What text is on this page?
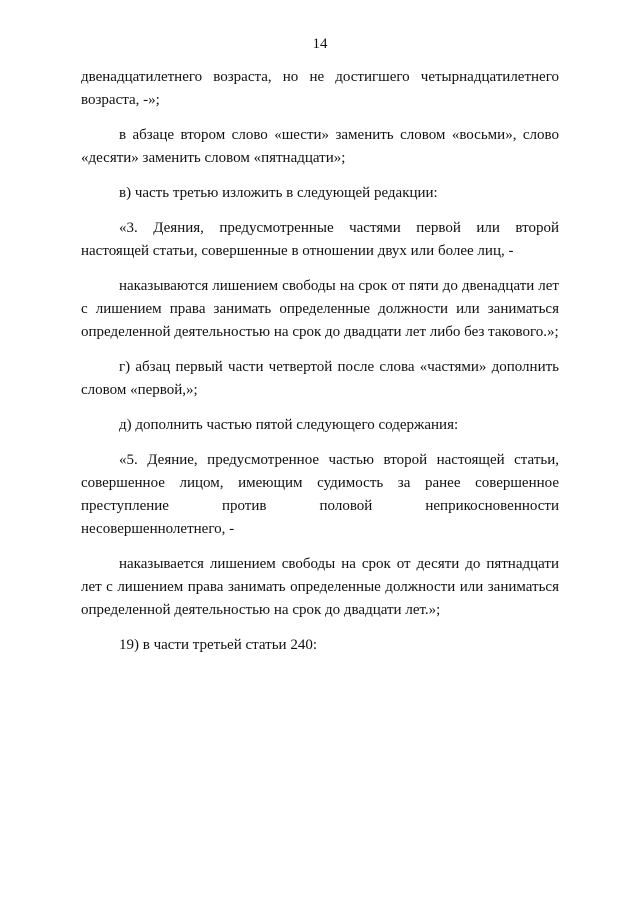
14

двенадцатилетнего возраста, но не достигшего четырнадцатилетнего возраста, -»;

в абзаце втором слово «шести» заменить словом «восьми», слово «десяти» заменить словом «пятнадцати»;

в) часть третью изложить в следующей редакции:

«3. Деяния, предусмотренные частями первой или второй настоящей статьи, совершенные в отношении двух или более лиц, -

наказываются лишением свободы на срок от пяти до двенадцати лет с лишением права занимать определенные должности или заниматься определенной деятельностью на срок до двадцати лет либо без такового.»;

г) абзац первый части четвертой после слова «частями» дополнить словом «первой,»;

д) дополнить частью пятой следующего содержания:

«5. Деяние, предусмотренное частью второй настоящей статьи, совершенное лицом, имеющим судимость за ранее совершенное преступление против половой неприкосновенности несовершеннолетнего, -

наказывается лишением свободы на срок от десяти до пятнадцати лет с лишением права занимать определенные должности или заниматься определенной деятельностью на срок до двадцати лет.»;

19) в части третьей статьи 240:
